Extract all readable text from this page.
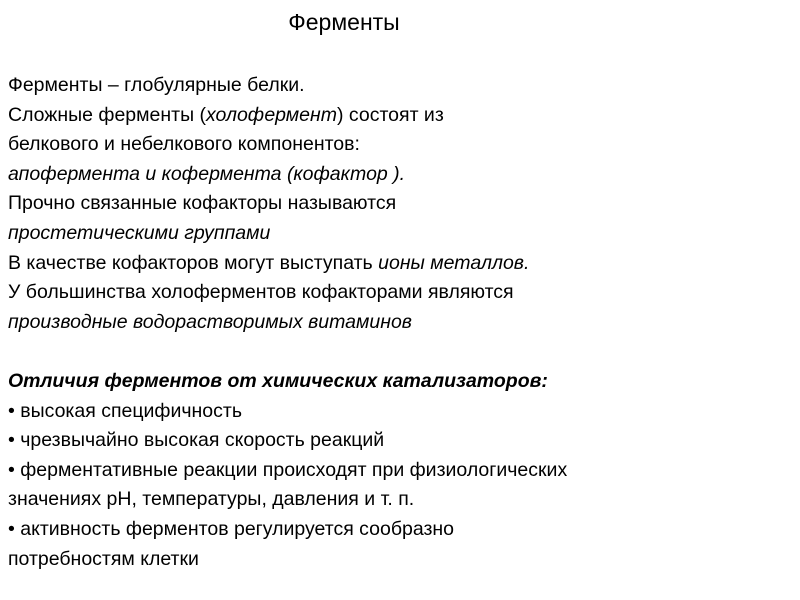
Ферменты
Ферменты – глобулярные белки.
Сложные ферменты (холофермент) состоят из
белкового и небелкового компонентов:
апофермента и кофермента (кофактор ).
Прочно связанные кофакторы называются
простетическими группами
В качестве кофакторов могут выступать ионы металлов.
У большинства холоферментов кофакторами являются
производные водорастворимых витаминов
Отличия ферментов от химических катализаторов:
• высокая специфичность
• чрезвычайно высокая скорость реакций
• ферментативные реакции происходят при физиологических
значениях рН, температуры, давления и т. п.
• активность ферментов регулируется сообразно
потребностям клетки
